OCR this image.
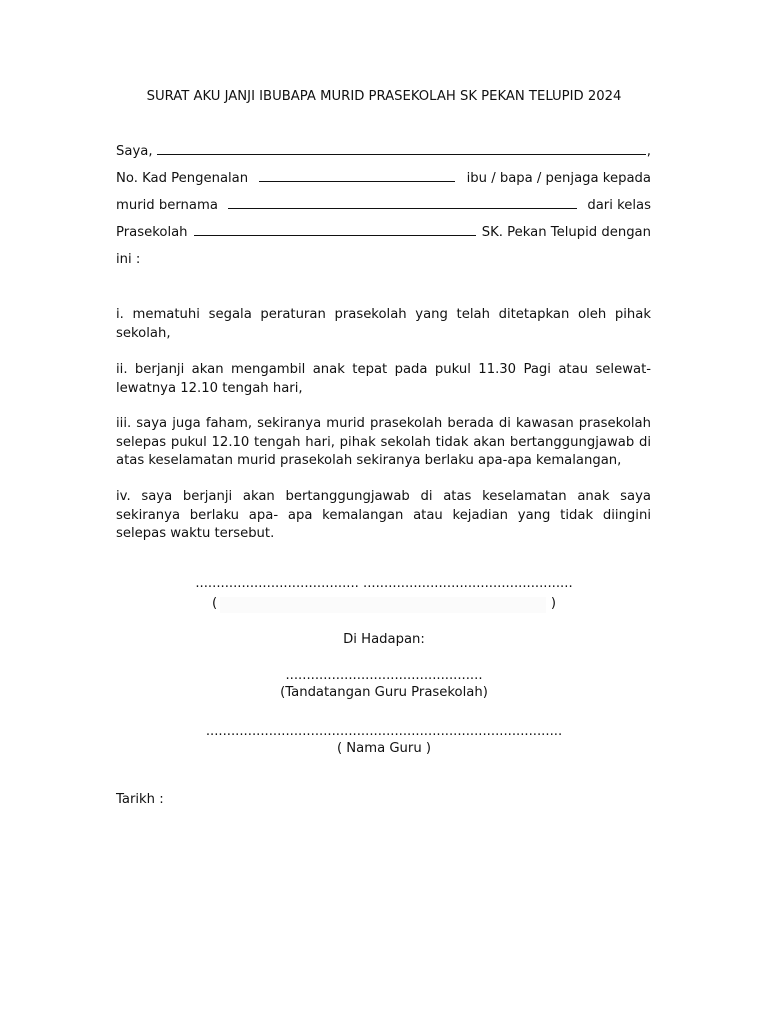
SURAT AKU JANJI IBUBAPA MURID PRASEKOLAH SK PEKAN TELUPID 2024
Saya,	,
No. Kad Pengenalan	ibu / bapa / penjaga kepada
murid bernama	dari kelas
Prasekolah	SK. Pekan Telupid dengan
ini :
i. mematuhi segala peraturan prasekolah yang telah ditetapkan oleh pihak sekolah,
ii. berjanji akan mengambil anak tepat pada pukul 11.30 Pagi atau selewat-lewatnya 12.10 tengah hari,
iii. saya juga faham, sekiranya murid prasekolah berada di kawasan prasekolah selepas pukul 12.10 tengah hari, pihak sekolah tidak akan bertanggungjawab di atas keselamatan murid prasekolah sekiranya berlaku apa-apa kemalangan,
iv. saya berjanji akan bertanggungjawab di atas keselamatan anak saya sekiranya berlaku apa- apa kemalangan atau kejadian yang tidak diingini selepas waktu tersebut.
....................................... ..................................................
(	)
Di Hadapan:
...............................................
(Tandatangan Guru Prasekolah)
.....................................................................................
( Nama Guru )
Tarikh :
